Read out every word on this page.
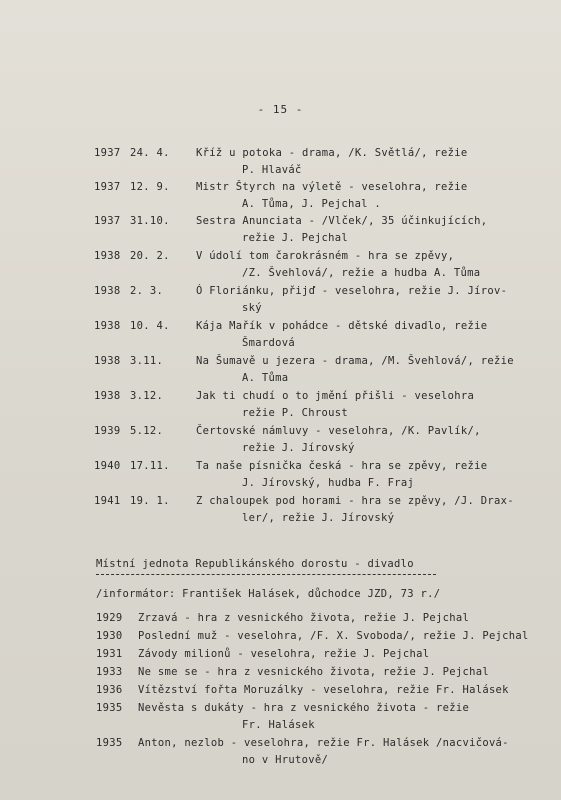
- 15 -
1937 24. 4.	Kříž u potoka - drama, /K. Světlá/, režie
P. Hlaváč
1937 12. 9.	Mistr Štyrch na výletě - veselohra, režie
A. Tůma, J. Pejchal .
1937 31.10.	Sestra Anunciata - /Vlček/, 35 účinkujících,
režie J. Pejchal
1938 20. 2.	V údolí tom čarokrásném - hra se zpěvy,
/Z. Švehlová/, režie a hudba A. Tůma
1938 2. 3.	Ó Floriánku, přijď - veselohra, režie J. Jírov-
ský
1938 10. 4.	Kája Mařík v pohádce - dětské divadlo, režie
Šmardová
1938 3.11.	Na Šumavě u jezera - drama, /M. Švehlová/, režie
A. Tůma
1938 3.12.	Jak ti chudí o to jmění přišli - veselohra
režie P. Chroust
1939 5.12.	Čertovské námluvy - veselohra, /K. Pavlík/,
režie J. Jírovský
1940 17.11.	Ta naše písnička česká - hra se zpěvy, režie
J. Jírovský, hudba F. Fraj
1941 19. 1.	Z chaloupek pod horami - hra se zpěvy, /J. Drax-
ler/, režie J. Jírovský
Místní jednota Republikánského dorostu - divadlo
/informátor: František Halásek, důchodce JZD, 73 r./
1929 Zrzavá - hra z vesnického života, režie J. Pejchal
1930 Poslední muž - veselohra, /F. X. Svoboda/, režie J. Pejchal
1931 Závody milionů - veselohra, režie J. Pejchal
1933 Ne sme se - hra z vesnického života, režie J. Pejchal
1936 Vítězství fořta Moruzálky - veselohra, režie Fr. Halásek
1935 Nevěsta s dukáty - hra z vesnického života - režie
Fr. Halásek
1935 Anton, nezlob - veselohra, režie Fr. Halásek /nacvičová-
no v Hrutově/
